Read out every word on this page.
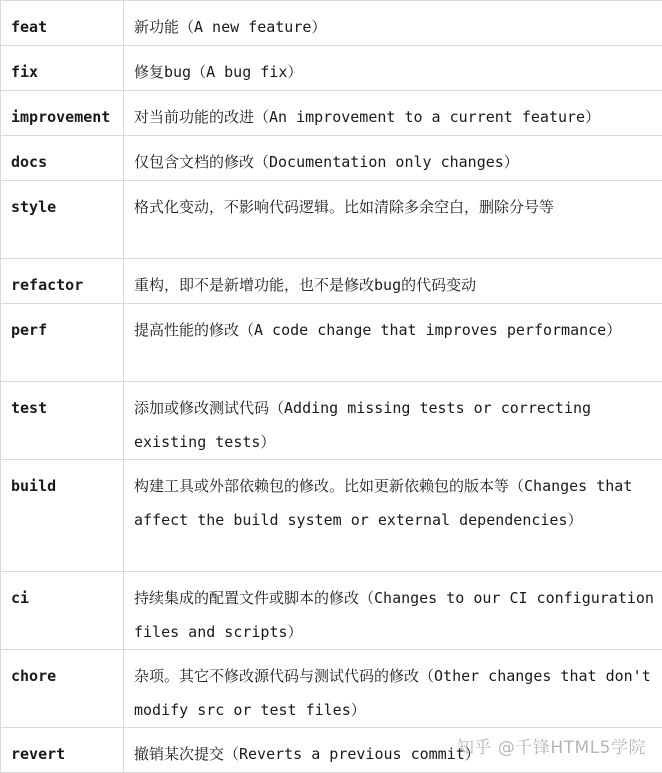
feat	新功能（A new feature）
fix	修复bug（A bug fix）
improvement	对当前功能的改进（An improvement to a current feature）
docs	仅包含文档的修改（Documentation only changes）
style	格式化变动，不影响代码逻辑。比如清除多余空白，删除分号等
refactor	重构，即不是新增功能，也不是修改bug的代码变动
perf	提高性能的修改（A code change that improves performance）
test	添加或修改测试代码（Adding missing tests or correcting existing tests）
build	构建工具或外部依赖包的修改。比如更新依赖包的版本等（Changes that affect the build system or external dependencies）
ci	持续集成的配置文件或脚本的修改（Changes to our CI configuration files and scripts）
chore	杂项。其它不修改源代码与测试代码的修改（Other changes that don't modify src or test files）
revert	撤销某次提交（Reverts a previous commit）
知乎 @千锋HTML5学院
